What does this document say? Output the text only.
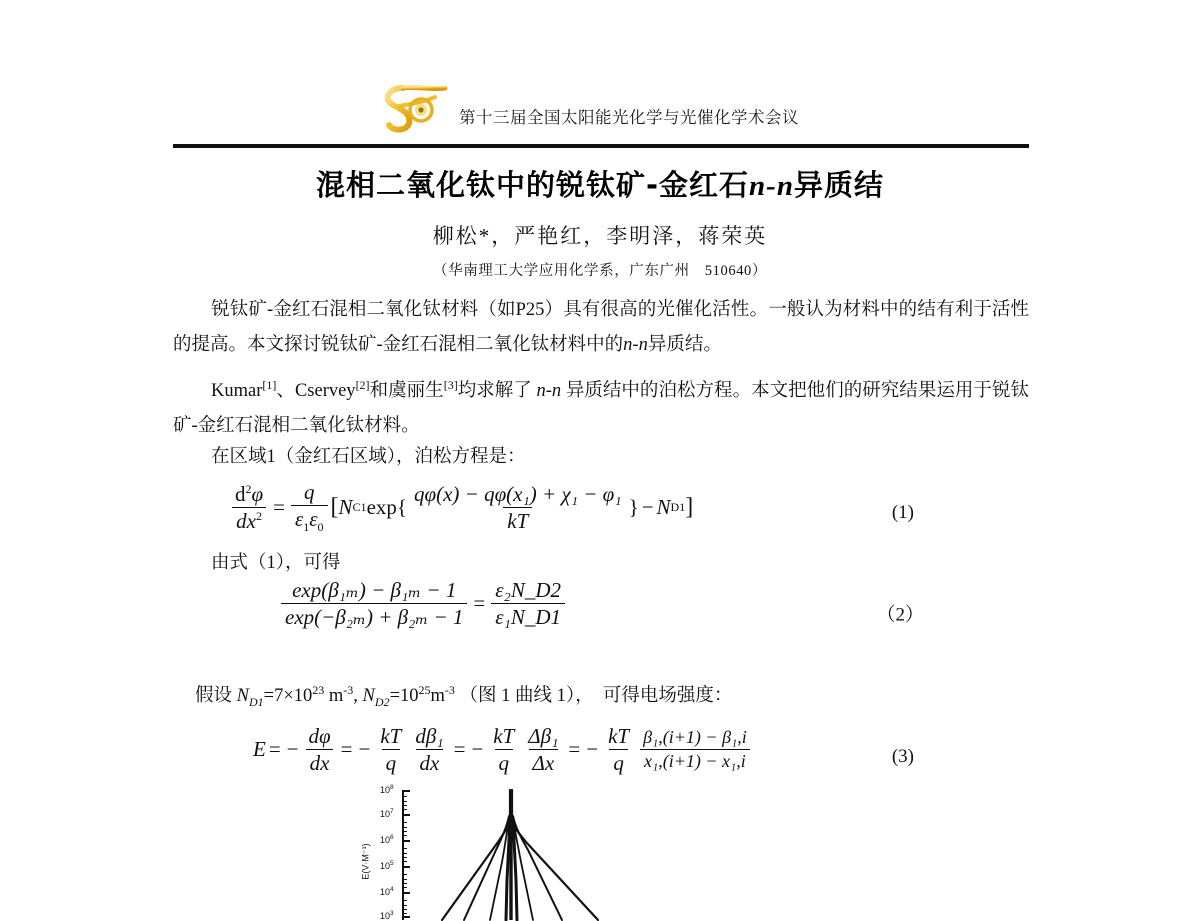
第十三届全国太阳能光化学与光催化学术会议
混相二氧化钛中的锐钛矿-金红石n-n异质结
柳松*，严艳红，李明泽，蒋荣英
（华南理工大学应用化学系，广东广州　510640）
锐钛矿-金红石混相二氧化钛材料（如P25）具有很高的光催化活性。一般认为材料中的结有利于活性的提高。本文探讨锐钛矿-金红石混相二氧化钛材料中的n-n异质结。
Kumar[1]、Cservey[2]和虞丽生[3]均求解了 n-n 异质结中的泊松方程。本文把他们的研究结果运用于锐钛矿-金红石混相二氧化钛材料。
在区域1（金红石区域），泊松方程是：
$\frac{d^2\varphi}{dx^2} = \frac{q}{\varepsilon_1\varepsilon_0}$ [ N C1 $\exp\{ \frac{\text{qφ(x) − qφ(x₁) + χ₁ − φ₁}}{kT}$ } − N D1 ]	(1)
由式（1），可得
$\frac{\text{exp(β₁ₘ) − β₁ₘ − 1}}{\text{exp(−β₂ₘ) + β₂ₘ − 1}} = \frac{\text{ε₂N\_D2}}{\text{ε₁N\_D1}}$	（2）
假设 $N_{D1}=7\times 10^{23}$ $m^{-3}$, $N_{D2}=10^{25}m^{-3}$ （图 1 曲线 1）， 可得电场强度：
E = − $\frac{d\varphi}{dx}$ = − $\frac{kT}{q} \frac{\text{dβ₁}}{dx}$ = − $\frac{kT}{q} \frac{\text{Δβ₁}}{\Delta x}$ = − $\frac{kT}{q} \frac{\text{β₁,(i+1) − β₁,i}}{\text{x₁,(i+1) − x₁,i}}$	(3)
E(V·M⁻¹)
$10^8$
$10^7$
$10^6$
$10^5$
$10^4$
$10^3$
